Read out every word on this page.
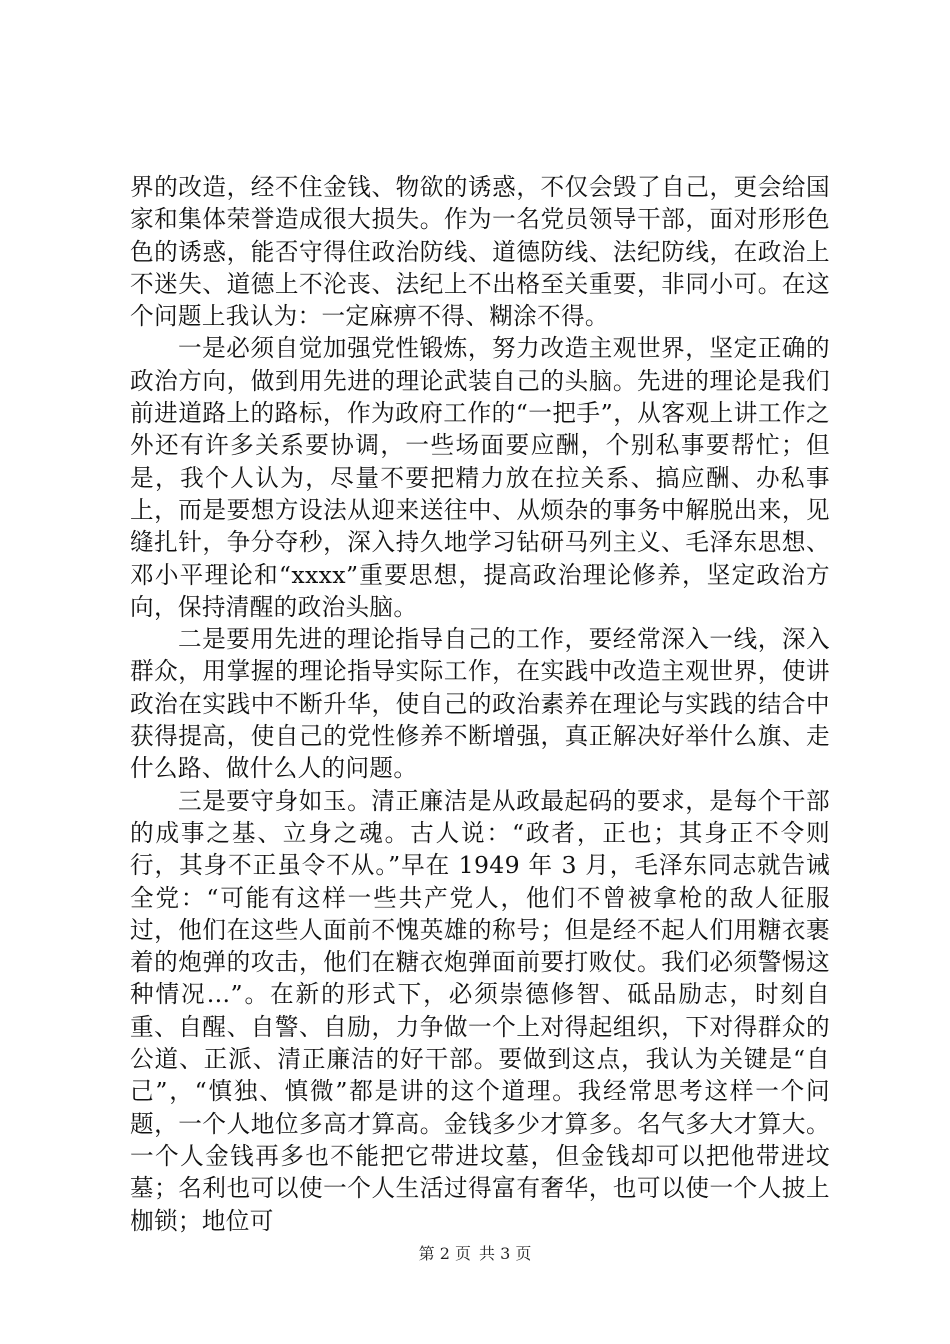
界的改造，经不住金钱、物欲的诱惑，不仅会毁了自己，更会给国家和集体荣誉造成很大损失。作为一名党员领导干部，面对形形色色的诱惑，能否守得住政治防线、道德防线、法纪防线，在政治上不迷失、道德上不沦丧、法纪上不出格至关重要，非同小可。在这个问题上我认为：一定麻痹不得、糊涂不得。

一是必须自觉加强党性锻炼，努力改造主观世界，坚定正确的政治方向，做到用先进的理论武装自己的头脑。先进的理论是我们前进道路上的路标，作为政府工作的“一把手”，从客观上讲工作之外还有许多关系要协调，一些场面要应酬，个别私事要帮忙；但是，我个人认为，尽量不要把精力放在拉关系、搞应酬、办私事上，而是要想方设法从迎来送往中、从烦杂的事务中解脱出来，见缝扎针，争分夺秒，深入持久地学习钻研马列主义、毛泽东思想、邓小平理论和“xxxx”重要思想，提高政治理论修养，坚定政治方向，保持清醒的政治头脑。

二是要用先进的理论指导自己的工作，要经常深入一线，深入群众，用掌握的理论指导实际工作，在实践中改造主观世界，使讲政治在实践中不断升华，使自己的政治素养在理论与实践的结合中获得提高，使自己的党性修养不断增强，真正解决好举什么旗、走什么路、做什么人的问题。

三是要守身如玉。清正廉洁是从政最起码的要求，是每个干部的成事之基、立身之魂。古人说：“政者，正也；其身正不令则行，其身不正虽令不从。”早在 1949 年 3 月，毛泽东同志就告诫全党：“可能有这样一些共产党人，他们不曾被拿枪的敌人征服过，他们在这些人面前不愧英雄的称号；但是经不起人们用糖衣裹着的炮弹的攻击，他们在糖衣炮弹面前要打败仗。我们必须警惕这种情况…”。在新的形式下，必须崇德修智、砥品励志，时刻自重、自醒、自警、自励，力争做一个上对得起组织，下对得群众的公道、正派、清正廉洁的好干部。要做到这点，我认为关键是“自己”，“慎独、慎微”都是讲的这个道理。我经常思考这样一个问题，一个人地位多高才算高。金钱多少才算多。名气多大才算大。一个人金钱再多也不能把它带进坟墓，但金钱却可以把他带进坟墓；名利也可以使一个人生活过得富有奢华，也可以使一个人披上枷锁；地位可

第 2 页 共 3 页
